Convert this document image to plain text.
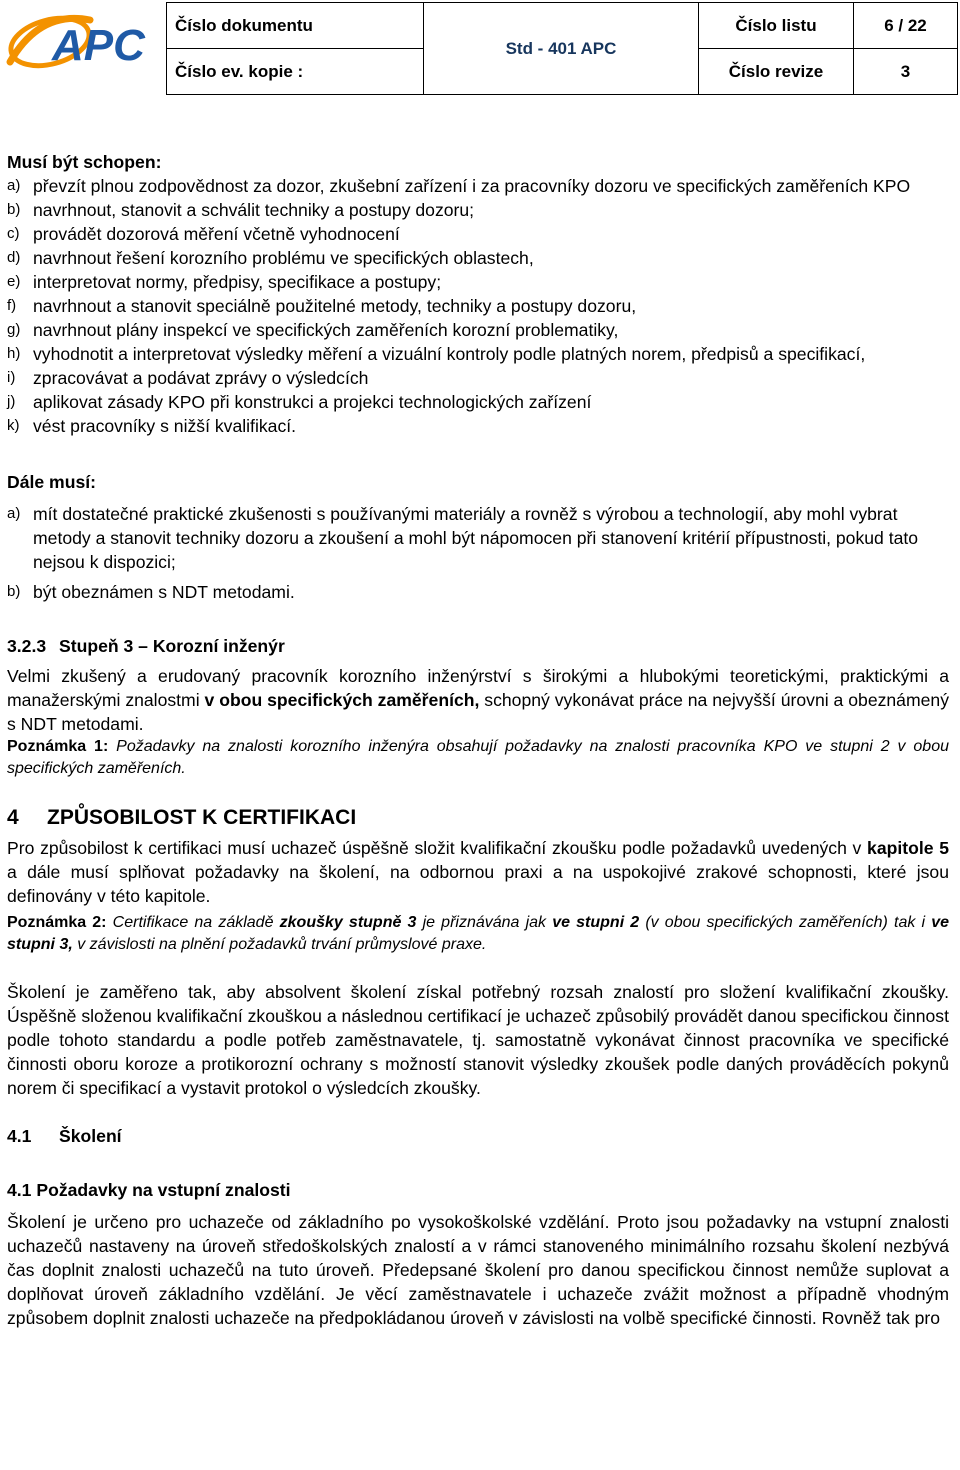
APC Číslo dokumentu	Std - 401 APC	Číslo listu	6 / 22
Číslo ev. kopie :		Číslo revize	3
Musí být schopen:
a) převzít plnou zodpovědnost za dozor, zkušební zařízení i za pracovníky dozoru ve specifických zaměřeních KPO
b) navrhnout, stanovit a schválit techniky a postupy dozoru;
c) provádět dozorová měření včetně vyhodnocení
d) navrhnout řešení korozního problému ve specifických oblastech,
e) interpretovat normy, předpisy, specifikace a postupy;
f) navrhnout a stanovit speciálně použitelné metody, techniky a postupy dozoru,
g) navrhnout plány inspekcí ve specifických zaměřeních korozní problematiky,
h) vyhodnotit a interpretovat výsledky měření a vizuální kontroly podle platných norem, předpisů a specifikací,
i) zpracovávat a podávat zprávy o výsledcích
j) aplikovat zásady KPO při konstrukci a projekci technologických zařízení
k) vést pracovníky s nižší kvalifikací.
Dále musí:
a) mít dostatečné praktické zkušenosti s používanými materiály a rovněž s výrobou a technologií, aby mohl vybrat metody a stanovit techniky dozoru a zkoušení a mohl být nápomocen při stanovení kritérií přípustnosti, pokud tato nejsou k dispozici;
b) být obeznámen s NDT metodami.
3.2.3 Stupeň 3 – Korozní inženýr
Velmi zkušený a erudovaný pracovník korozního inženýrství s širokými a hlubokými teoretickými, praktickými a manažerskými znalostmi v obou specifických zaměřeních, schopný vykonávat práce na nejvyšší úrovni a obeznámený s NDT metodami.
Poznámka 1: Požadavky na znalosti korozního inženýra obsahují požadavky na znalosti pracovníka KPO ve stupni 2 v obou specifických zaměřeních.
4 ZPŮSOBILOST K CERTIFIKACI
Pro způsobilost k certifikaci musí uchazeč úspěšně složit kvalifikační zkoušku podle požadavků uvedených v kapitole 5 a dále musí splňovat požadavky na školení, na odbornou praxi a na uspokojivé zrakové schopnosti, které jsou definovány v této kapitole.
Poznámka 2: Certifikace na základě zkoušky stupně 3 je přiznávána jak ve stupni 2 (v obou specifických zaměřeních) tak i ve stupni 3, v závislosti na plnění požadavků trvání průmyslové praxe.
Školení je zaměřeno tak, aby absolvent školení získal potřebný rozsah znalostí pro složení kvalifikační zkoušky. Úspěšně složenou kvalifikační zkouškou a následnou certifikací je uchazeč způsobilý provádět danou specifickou činnost podle tohoto standardu a podle potřeb zaměstnavatele, tj. samostatně vykonávat činnost pracovníka ve specifické činnosti oboru koroze a protikorozní ochrany s možností stanovit výsledky zkoušek podle daných prováděcích pokynů norem či specifikací a vystavit protokol o výsledcích zkoušky.
4.1 Školení
4.1 Požadavky na vstupní znalosti
Školení je určeno pro uchazeče od základního po vysokoškolské vzdělání. Proto jsou požadavky na vstupní znalosti uchazečů nastaveny na úroveň středoškolských znalostí a v rámci stanoveného minimálního rozsahu školení nezbývá čas doplnit znalosti uchazečů na tuto úroveň. Předepsané školení pro danou specifickou činnost nemůže suplovat a doplňovat úroveň základního vzdělání. Je věcí zaměstnavatele i uchazeče zvážit možnost a případně vhodným způsobem doplnit znalosti uchazeče na předpokládanou úroveň v závislosti na volbě specifické činnosti. Rovněž tak pro
